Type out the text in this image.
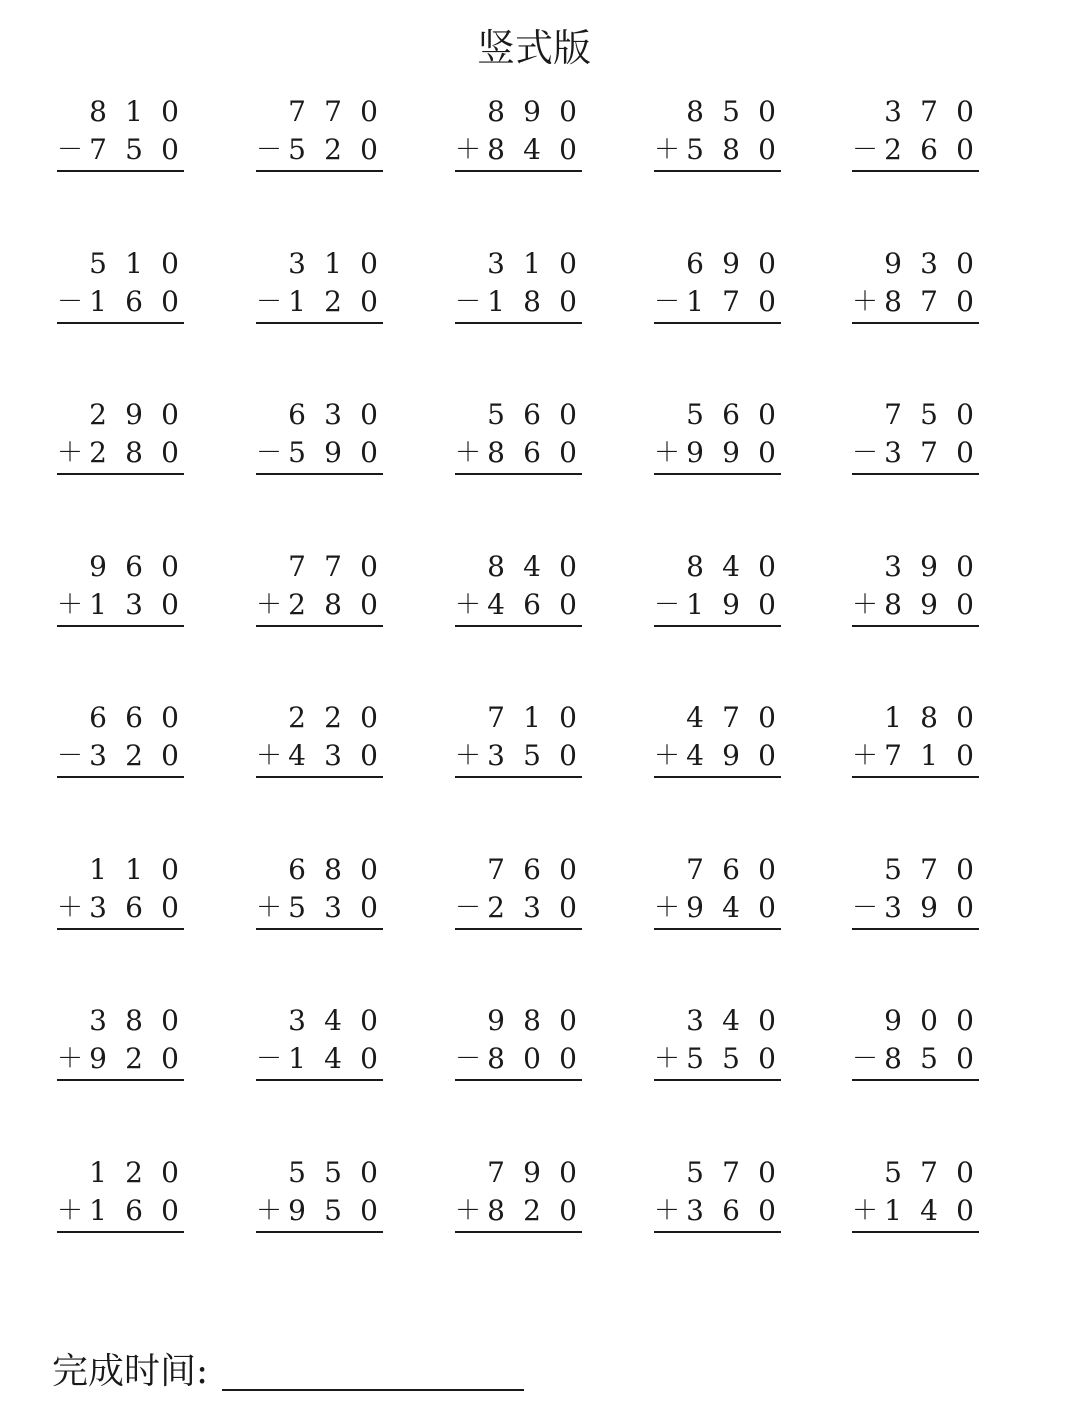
竖式版
8 1 0
－ 7 5 0
7 7 0
－ 5 2 0
8 9 0
＋ 8 4 0
8 5 0
＋ 5 8 0
3 7 0
－ 2 6 0
5 1 0
－ 1 6 0
3 1 0
－ 1 2 0
3 1 0
－ 1 8 0
6 9 0
－ 1 7 0
9 3 0
＋ 8 7 0
2 9 0
＋ 2 8 0
6 3 0
－ 5 9 0
5 6 0
＋ 8 6 0
5 6 0
＋ 9 9 0
7 5 0
－ 3 7 0
9 6 0
＋ 1 3 0
7 7 0
＋ 2 8 0
8 4 0
＋ 4 6 0
8 4 0
－ 1 9 0
3 9 0
＋ 8 9 0
6 6 0
－ 3 2 0
2 2 0
＋ 4 3 0
7 1 0
＋ 3 5 0
4 7 0
＋ 4 9 0
1 8 0
＋ 7 1 0
1 1 0
＋ 3 6 0
6 8 0
＋ 5 3 0
7 6 0
－ 2 3 0
7 6 0
＋ 9 4 0
5 7 0
－ 3 9 0
3 8 0
＋ 9 2 0
3 4 0
－ 1 4 0
9 8 0
－ 8 0 0
3 4 0
＋ 5 5 0
9 0 0
－ 8 5 0
1 2 0
＋ 1 6 0
5 5 0
＋ 9 5 0
7 9 0
＋ 8 2 0
5 7 0
＋ 3 6 0
5 7 0
＋ 1 4 0
完成时间:
